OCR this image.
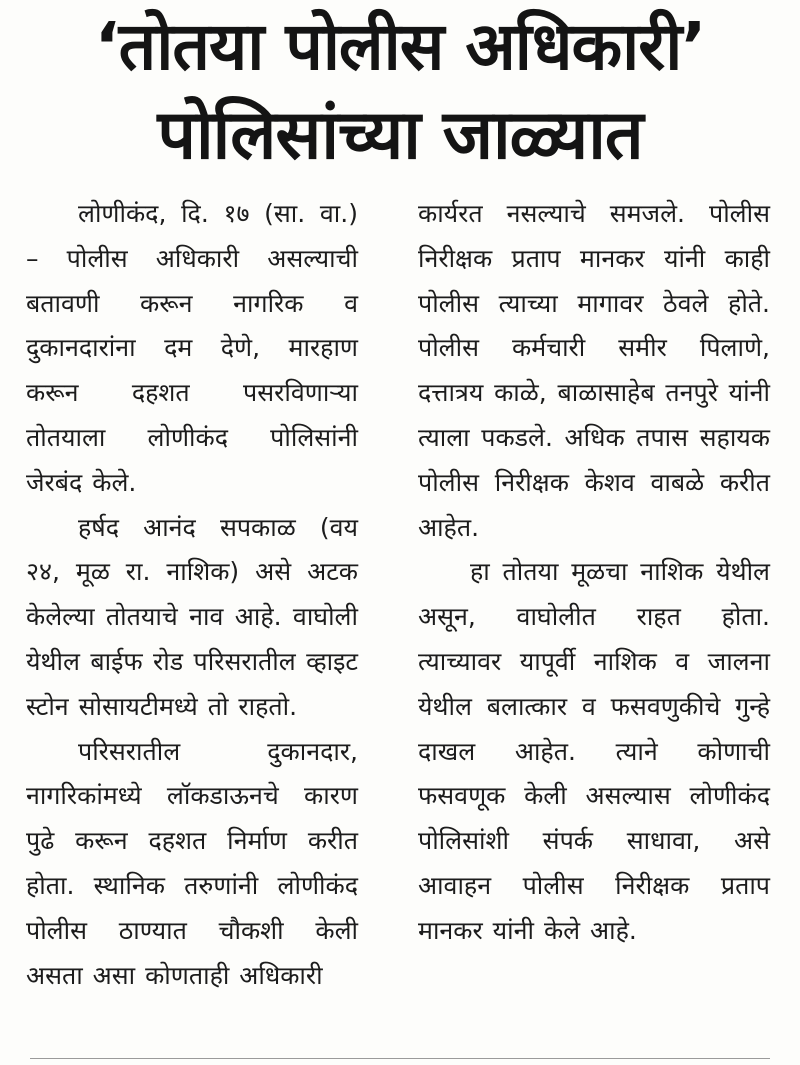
‘तोतया पोलीस अधिकारी’
पोलिसांच्या जाळ्यात

लोणीकंद, दि. १७ (सा. वा.) – पोलीस अधिकारी असल्याची बतावणी करून नागरिक व दुकानदारांना दम देणे, मारहाण करून दहशत पसरविणाऱ्या तोतयाला लोणीकंद पोलिसांनी जेरबंद केले.

हर्षद आनंद सपकाळ (वय २४, मूळ रा. नाशिक) असे अटक केलेल्या तोतयाचे नाव आहे. वाघोली येथील बाईफ रोड परिसरातील व्हाइट स्टोन सोसायटीमध्ये तो राहतो.

परिसरातील दुकानदार, नागरिकांमध्ये लॉकडाऊनचे कारण पुढे करून दहशत निर्माण करीत होता. स्थानिक तरुणांनी लोणीकंद पोलीस ठाण्यात चौकशी केली असता असा कोणताही अधिकारी

कार्यरत नसल्याचे समजले. पोलीस निरीक्षक प्रताप मानकर यांनी काही पोलीस त्याच्या मागावर ठेवले होते. पोलीस कर्मचारी समीर पिलाणे, दत्तात्रय काळे, बाळासाहेब तनपुरे यांनी त्याला पकडले. अधिक तपास सहायक पोलीस निरीक्षक केशव वाबळे करीत आहेत.

हा तोतया मूळचा नाशिक येथील असून, वाघोलीत राहत होता. त्याच्यावर यापूर्वी नाशिक व जालना येथील बलात्कार व फसवणुकीचे गुन्हे दाखल आहेत. त्याने कोणाची फसवणूक केली असल्यास लोणीकंद पोलिसांशी संपर्क साधावा, असे आवाहन पोलीस निरीक्षक प्रताप मानकर यांनी केले आहे.
